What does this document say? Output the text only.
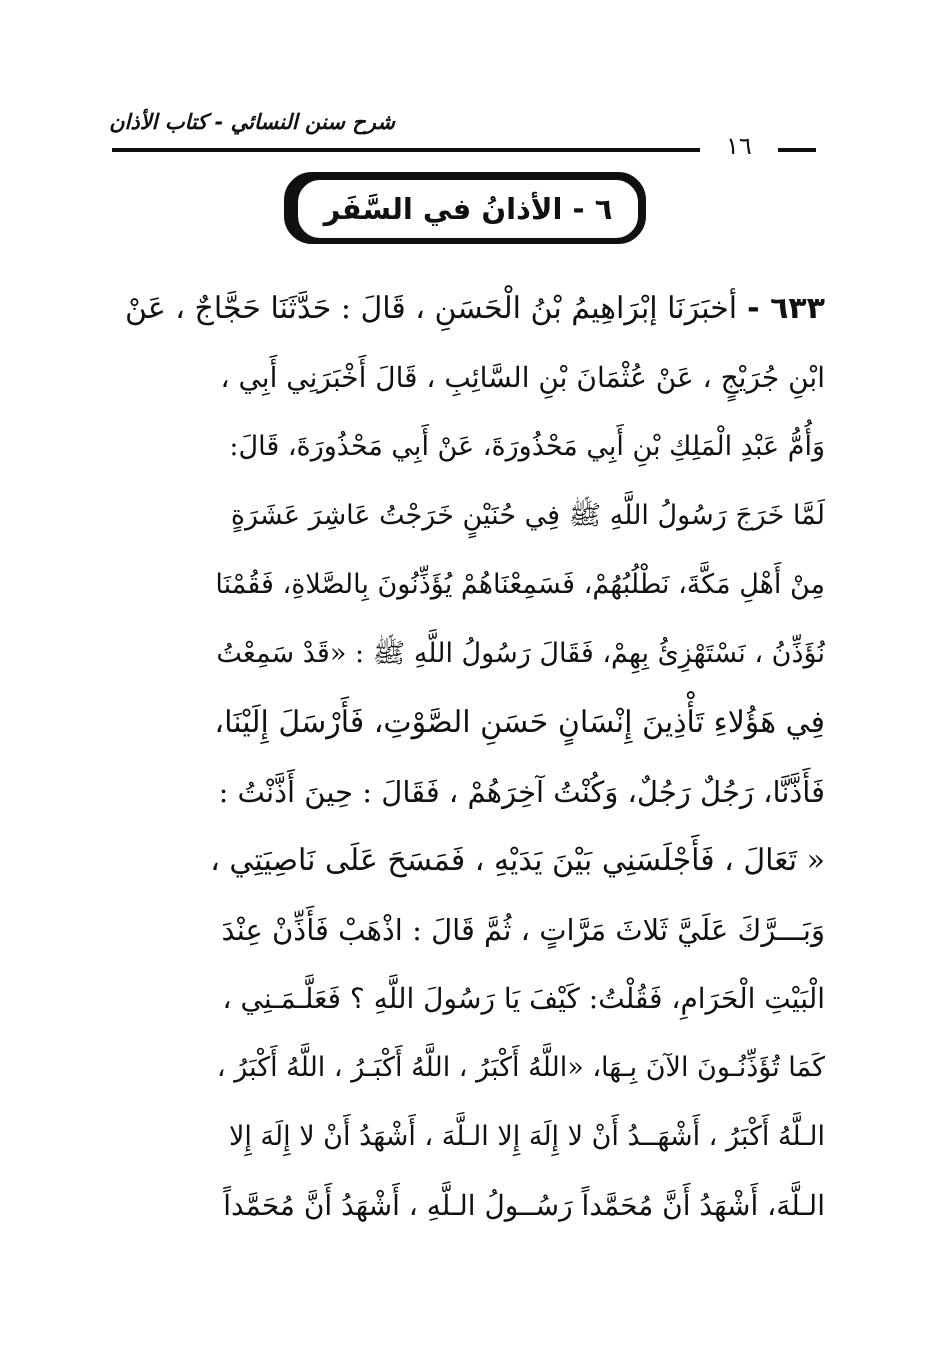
شرح سنن النسائي - كتاب الأذان
١٦
٦ - الأذانُ في السَّفَر
٦٣٣ -أخبَرَنَا إبْرَاهِيمُ بْنُ الْحَسَنِ ، قَالَ : حَدَّثَنَا حَجَّاجٌ ، عَنْ
ابْنِ جُرَيْجٍ ، عَنْ عُثْمَانَ بْنِ السَّائِبِ ، قَالَ أَخْبَرَنِي أَبِي ،
وَأُمُّ عَبْدِ الْمَلِكِ بْنِ أَبِي مَحْذُورَةَ، عَنْ أَبِي مَحْذُورَةَ، قَالَ:
لَمَّا خَرَجَ رَسُولُ اللَّهِ ﷺ فِي حُنَيْنٍ خَرَجْتُ عَاشِرَ عَشَرَةٍ
مِنْ أَهْلِ مَكَّةَ، نَطْلُبُهُمْ، فَسَمِعْنَاهُمْ يُؤَذِّنُونَ بِالصَّلاةِ، فَقُمْنَا
نُؤَذِّنُ ، نَسْتَهْزِئُ بِهِمْ، فَقَالَ رَسُولُ اللَّهِ ﷺ : «قَدْ سَمِعْتُ
فِي هَؤُلاءِ تَأْذِينَ إِنْسَانٍ حَسَنِ الصَّوْتِ، فَأَرْسَلَ إِلَيْنَا،
فَأَذَّنَّا، رَجُلٌ رَجُلٌ، وَكُنْتُ آخِرَهُمْ ، فَقَالَ : حِينَ أَذَّنْتُ :
« تَعَالَ ، فَأَجْلَسَنِي بَيْنَ يَدَيْهِ ، فَمَسَحَ عَلَى نَاصِيَتِي ،
وَبَـــرَّكَ عَلَيَّ ثَلاثَ مَرَّاتٍ ، ثُمَّ قَالَ : اذْهَبْ فَأَذِّنْ عِنْدَ
الْبَيْتِ الْحَرَامِ، فَقُلْتُ: كَيْفَ يَا رَسُولَ اللَّهِ ؟ فَعَلَّـمَـنِي ،
كَمَا تُؤَذِّنُـونَ الآنَ بِـهَا، «اللَّهُ أَكْبَرُ ، اللَّهُ أَكْبَـرُ ، اللَّهُ أَكْبَرُ ،
الـلَّهُ أَكْبَرُ ، أَشْهَــدُ أَنْ لا إِلَهَ إِلا الـلَّهَ ، أَشْهَدُ أَنْ لا إِلَهَ إِلا
الـلَّهَ، أَشْهَدُ أَنَّ مُحَمَّداً رَسُــولُ الـلَّهِ ، أَشْهَدُ أَنَّ مُحَمَّداً
